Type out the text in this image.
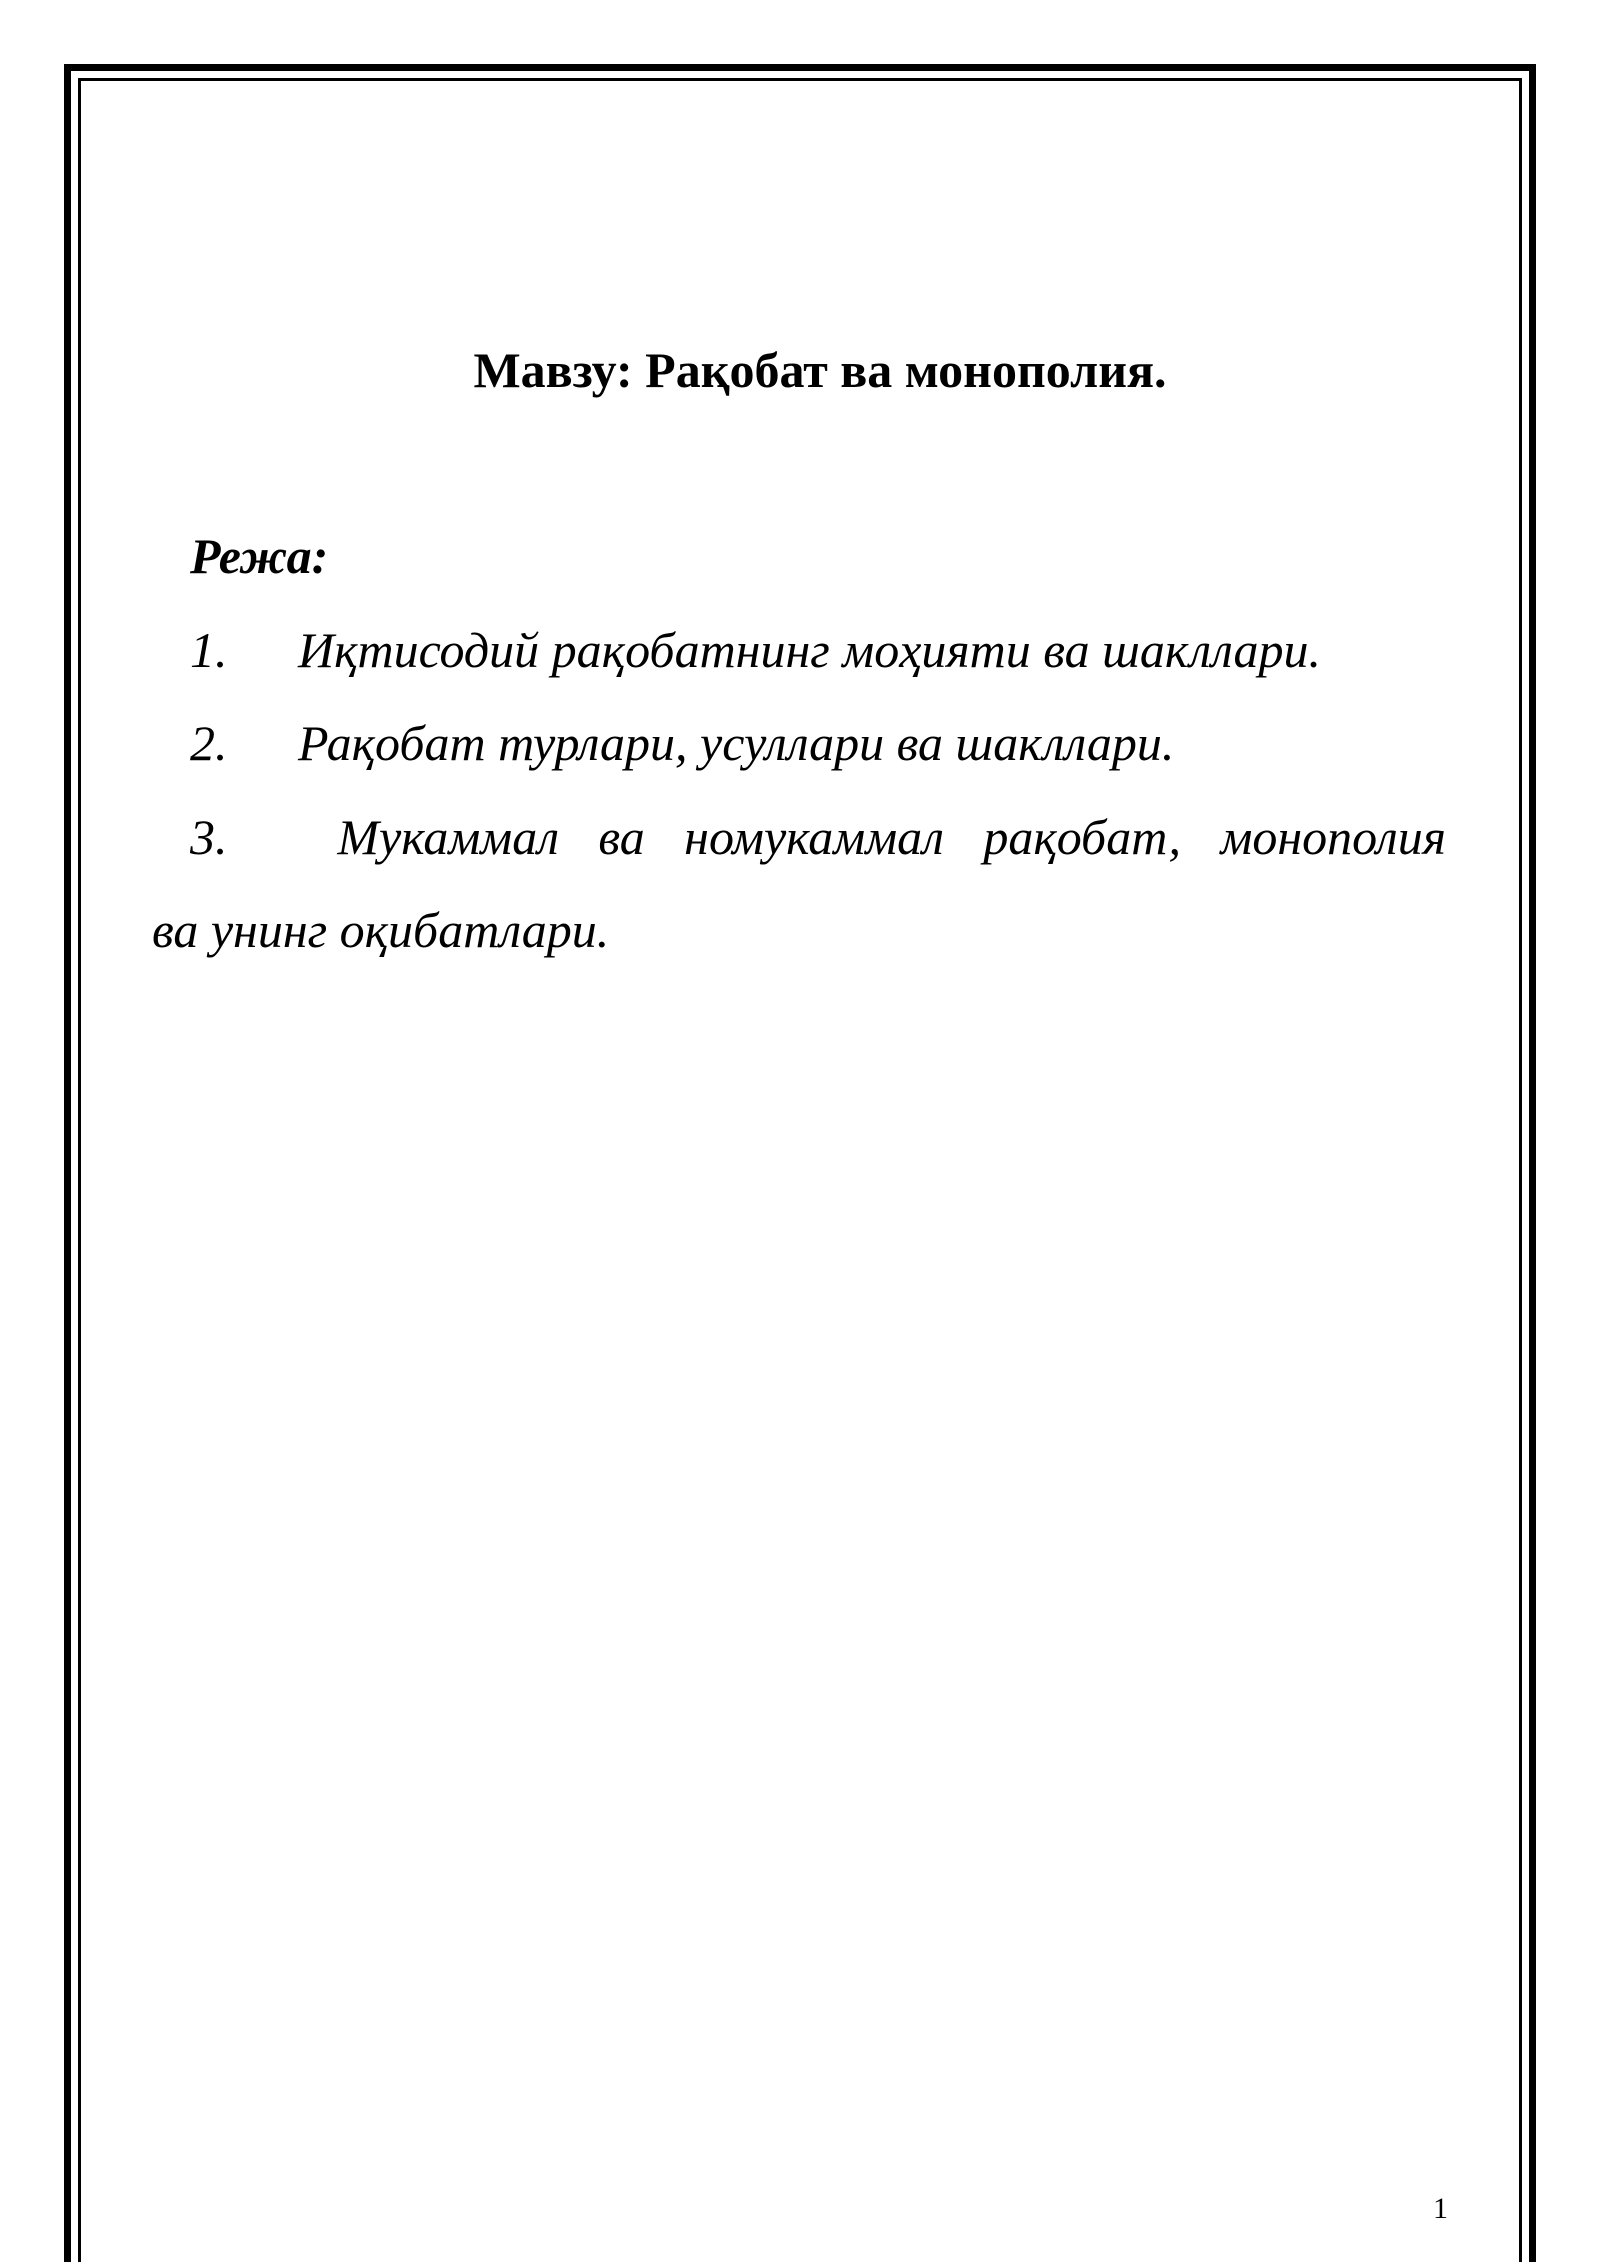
Мавзу: Рақобат ва монополия.
Режа:
1. Иқтисодий рақобатнинг моҳияти ва шакллари.
2. Рақобат турлари, усуллари ва шакллари.
3.	Мукаммал ва номукаммал рақобат, монополия
ва унинг оқибатлари.
1
